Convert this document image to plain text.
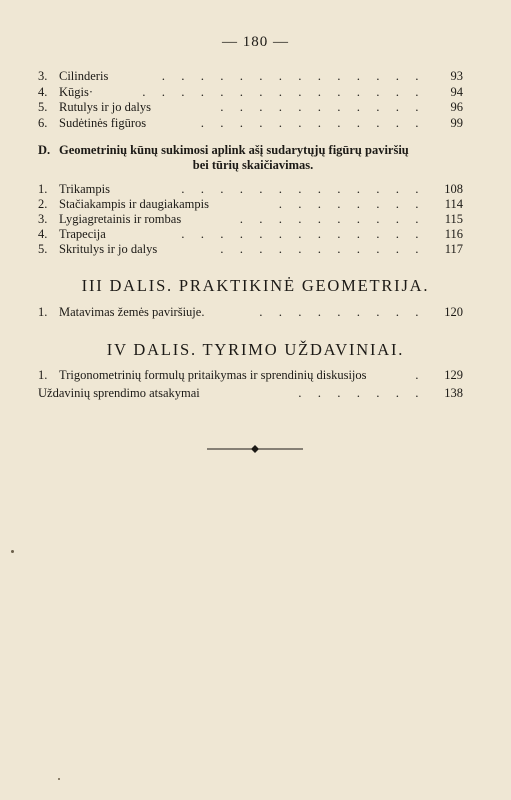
— 180 —
3. Cilinderis	. . . . . . . . . . . . . . 93
4. Kūgis·	. . . . . . . . . . . . . . . 94
5. Rutulys ir jo dalys	. . . . . . . . . . . 96
6. Sudėtinės figūros	. . . . . . . . . . . . 99
D. Geometrinių kūnų sukimosi aplink ašį sudarytųjų figūrų paviršių
bei tūrių skaičiavimas.
1. Trikampis	. . . . . . . . . . . . . 108
2. Stačiakampis ir daugiakampis	. . . . . . . . 114
3. Lygiagretainis ir rombas	. . . . . . . . . . 115
4. Trapecija	. . . . . . . . . . . . . 116
5. Skritulys ir jo dalys	. . . . . . . . . . . 117
III DALIS. PRAKTIKINĖ GEOMETRIJA.
1. Matavimas žemės paviršiuje.	. . . . . . . . . 120
IV DALIS. TYRIMO UŽDAVINIAI.
1. Trigonometrinių formulų pritaikymas ir sprendinių diskusijos	. 129
Uždavinių sprendimo atsakymai	. . . . . . . 138
